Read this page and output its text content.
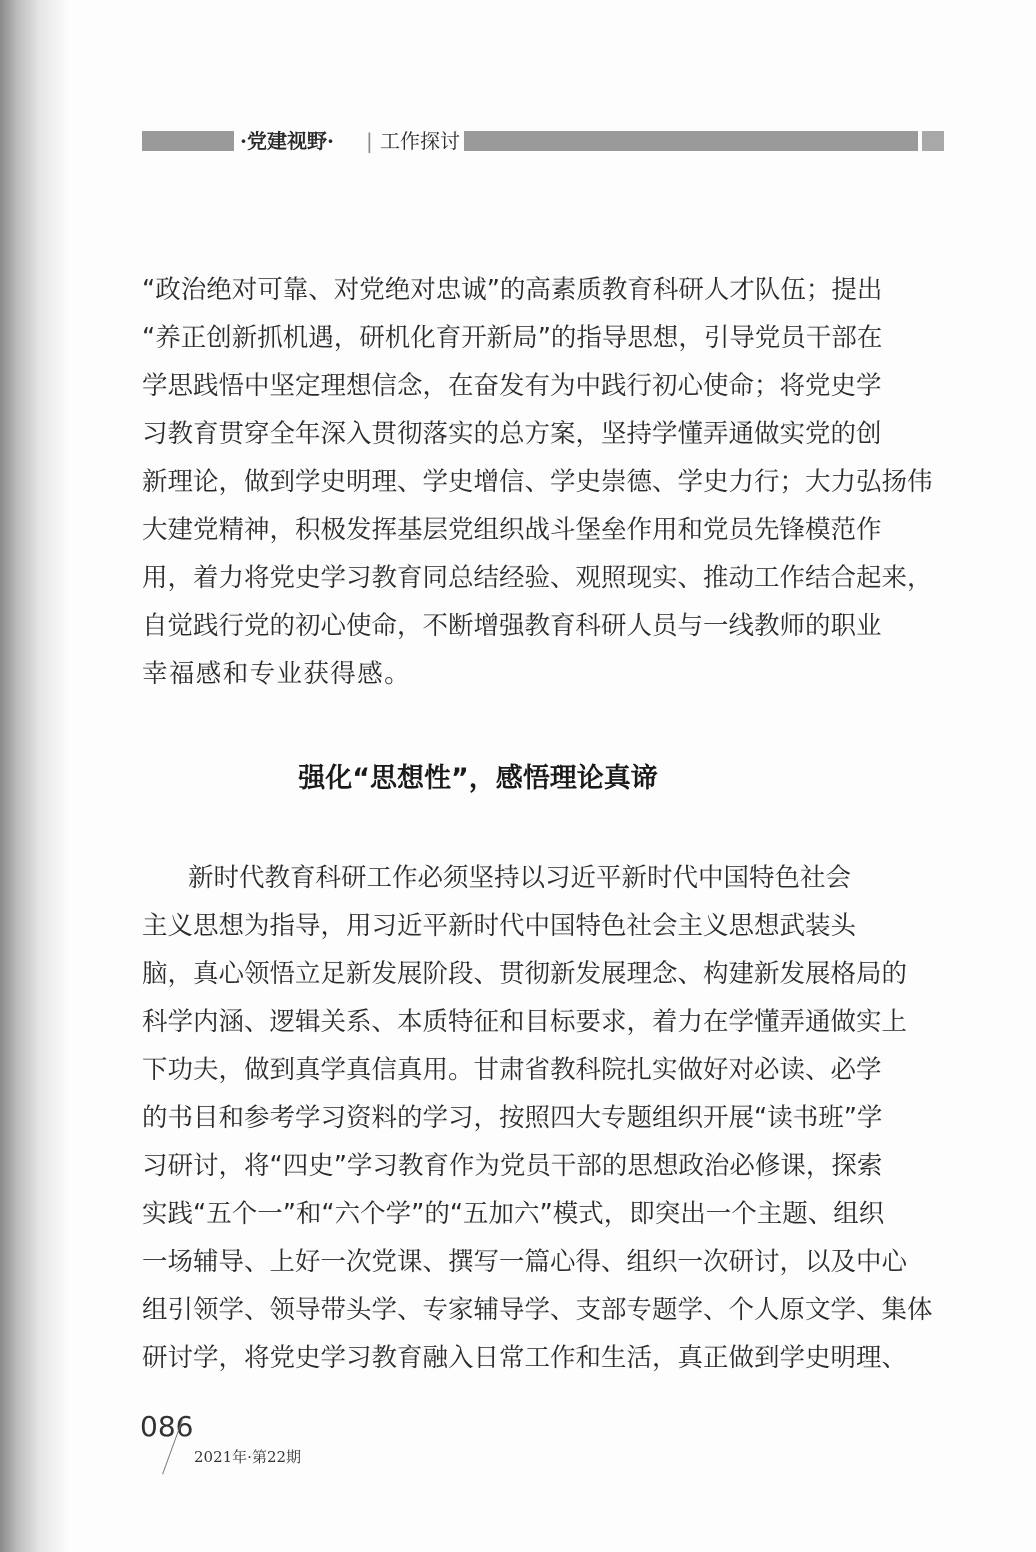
·党建视野· | 工作探讨
“政治绝对可靠、对党绝对忠诚”的高素质教育科研人才队伍；提出
“养正创新抓机遇，研机化育开新局”的指导思想，引导党员干部在
学思践悟中坚定理想信念，在奋发有为中践行初心使命；将党史学
习教育贯穿全年深入贯彻落实的总方案，坚持学懂弄通做实党的创
新理论，做到学史明理、学史增信、学史崇德、学史力行；大力弘扬伟
大建党精神，积极发挥基层党组织战斗堡垒作用和党员先锋模范作
用，着力将党史学习教育同总结经验、观照现实、推动工作结合起来，
自觉践行党的初心使命，不断增强教育科研人员与一线教师的职业
幸福感和专业获得感。
强化“思想性”，感悟理论真谛
新时代教育科研工作必须坚持以习近平新时代中国特色社会
主义思想为指导，用习近平新时代中国特色社会主义思想武装头
脑，真心领悟立足新发展阶段、贯彻新发展理念、构建新发展格局的
科学内涵、逻辑关系、本质特征和目标要求，着力在学懂弄通做实上
下功夫，做到真学真信真用。甘肃省教科院扎实做好对必读、必学
的书目和参考学习资料的学习，按照四大专题组织开展“读书班”学
习研讨，将“四史”学习教育作为党员干部的思想政治必修课，探索
实践“五个一”和“六个学”的“五加六”模式，即突出一个主题、组织
一场辅导、上好一次党课、撰写一篇心得、组织一次研讨，以及中心
组引领学、领导带头学、专家辅导学、支部专题学、个人原文学、集体
研讨学，将党史学习教育融入日常工作和生活，真正做到学史明理、
086
2021年·第22期
